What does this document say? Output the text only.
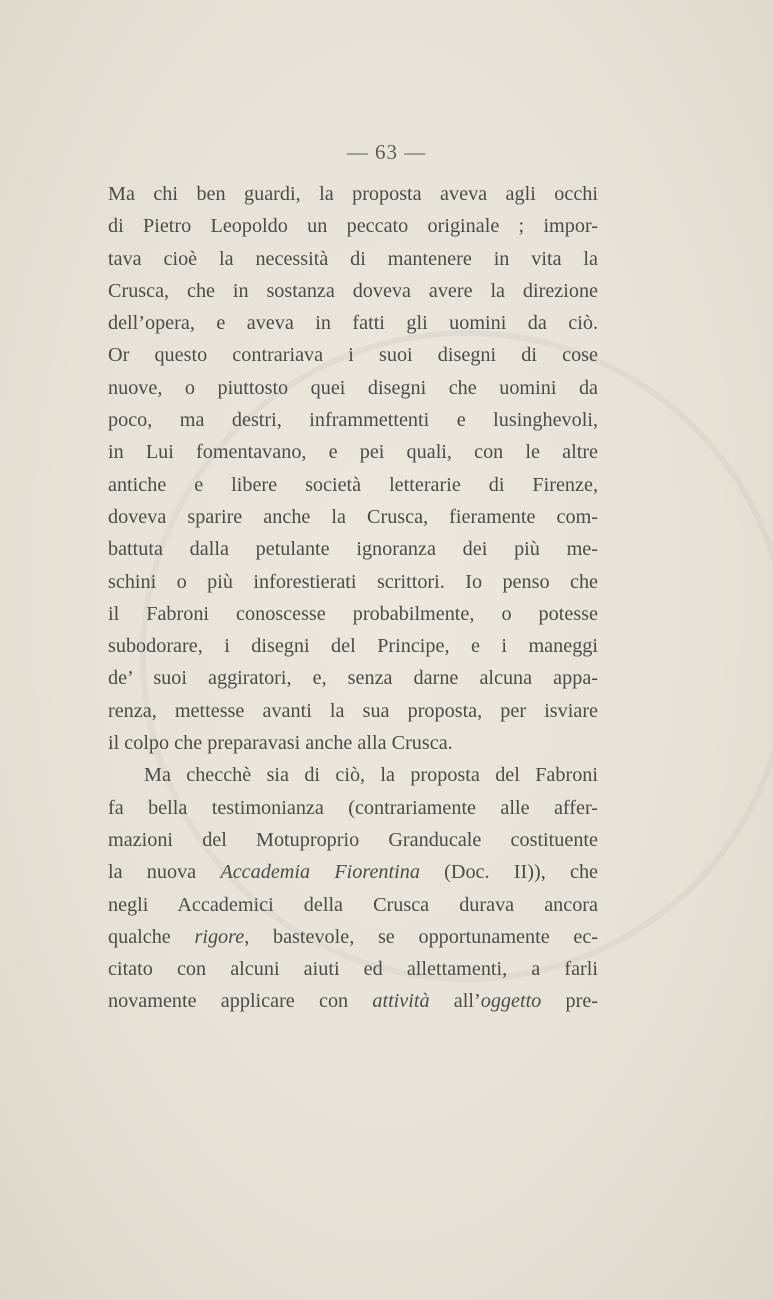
— 63 —
Ma chi ben guardi, la proposta aveva agli occhi
di Pietro Leopoldo un peccato originale ; impor-
tava cioè la necessità di mantenere in vita la
Crusca, che in sostanza doveva avere la direzione
dell’opera, e aveva in fatti gli uomini da ciò.
Or questo contrariava i suoi disegni di cose
nuove, o piuttosto quei disegni che uomini da
poco, ma destri, inframmettenti e lusinghevoli,
in Lui fomentavano, e pei quali, con le altre
antiche e libere società letterarie di Firenze,
doveva sparire anche la Crusca, fieramente com-
battuta dalla petulante ignoranza dei più me-
schini o più inforestierati scrittori. Io penso che
il Fabroni conoscesse probabilmente, o potesse
subodorare, i disegni del Principe, e i maneggi
de’ suoi aggiratori, e, senza darne alcuna appa-
renza, mettesse avanti la sua proposta, per isviare
il colpo che preparavasi anche alla Crusca.
Ma checchè sia di ciò, la proposta del Fabroni
fa bella testimonianza (contrariamente alle affer-
mazioni del Motuproprio Granducale costituente
la nuova Accademia Fiorentina (Doc. II)), che
negli Accademici della Crusca durava ancora
qualche rigore, bastevole, se opportunamente ec-
citato con alcuni aiuti ed allettamenti, a farli
novamente applicare con attività all’oggetto pre-
